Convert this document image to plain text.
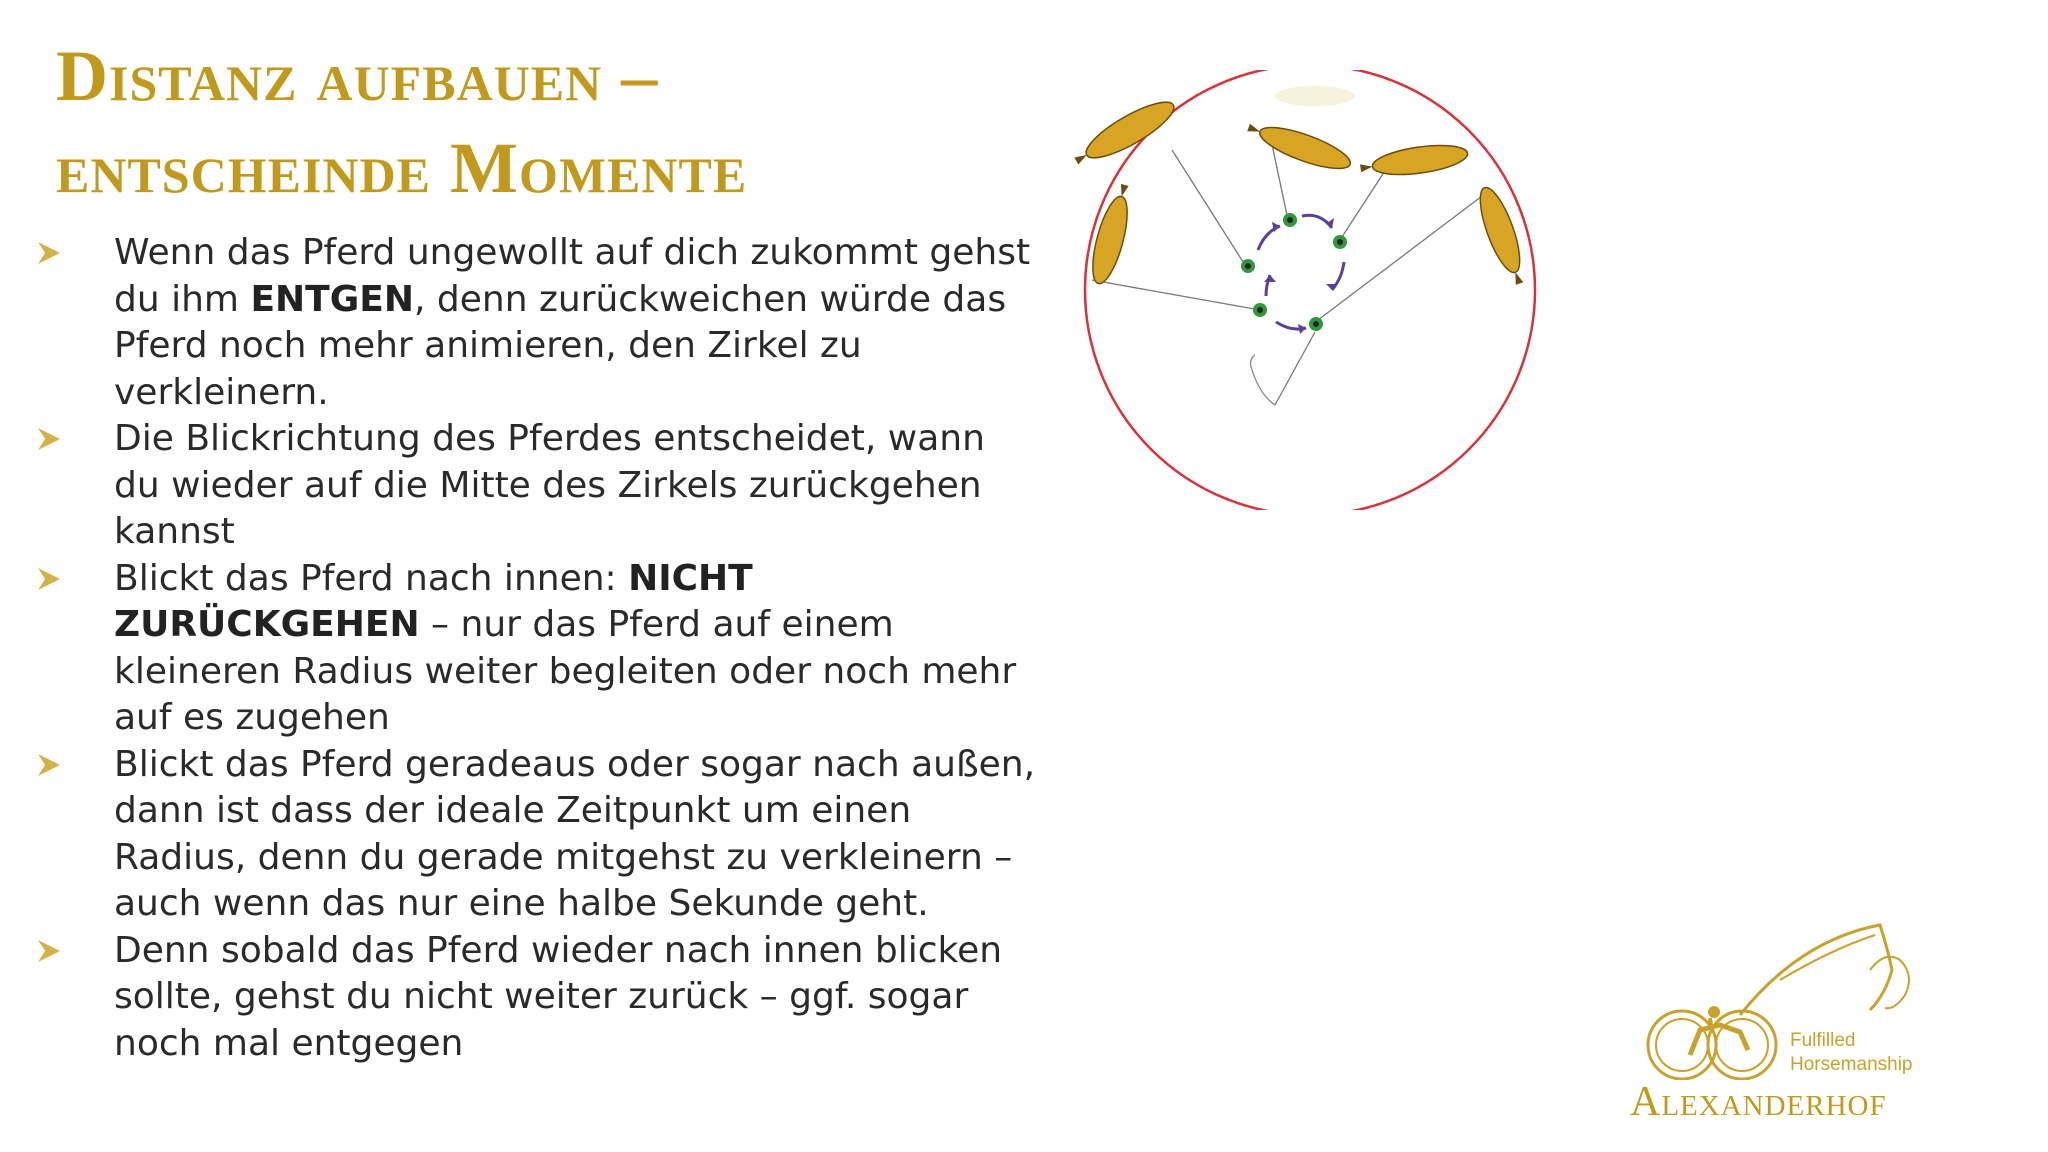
Distanz aufbauen –
entscheinde Momente
Wenn das Pferd ungewollt auf dich zukommt gehst du ihm ENTGEN, denn zurückweichen würde das Pferd noch mehr animieren, den Zirkel zu verkleinern.
Die Blickrichtung des Pferdes entscheidet, wann du wieder auf die Mitte des Zirkels zurückgehen kannst
Blickt das Pferd nach innen: NICHT ZURÜCKGEHEN – nur das Pferd auf einem kleineren Radius weiter begleiten oder noch mehr auf es zugehen
Blickt das Pferd geradeaus oder sogar nach außen, dann ist dass der ideale Zeitpunkt um einen Radius, denn du gerade mitgehst zu verkleinern – auch wenn das nur eine halbe Sekunde geht.
Denn sobald das Pferd wieder nach innen blicken sollte, gehst du nicht weiter zurück – ggf. sogar noch mal entgegen	Fulfilled
Horsemanship
Alexanderhof
